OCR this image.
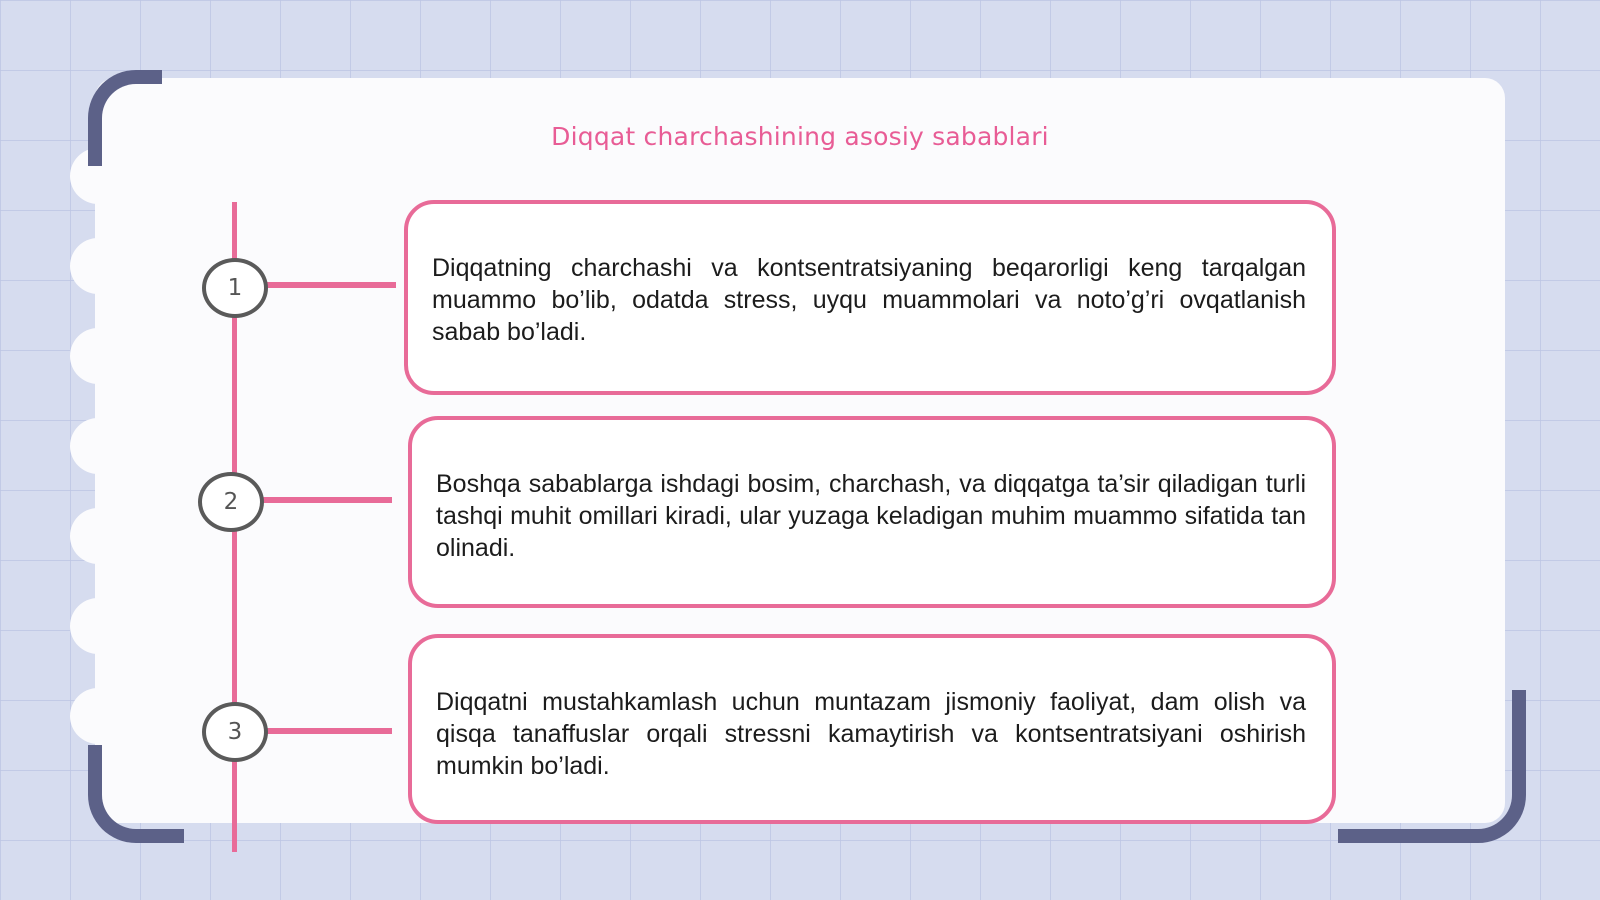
Diqqat charchashining asosiy sabablari
1

Diqqatning charchashi va kontsentratsiyaning beqarorligi keng tarqalgan muammo bo’lib, odatda stress, uyqu muammolari va noto’g’ri ovqatlanish sabab bo’ladi.

2

Boshqa sabablarga ishdagi bosim, charchash, va diqqatga ta’sir qiladigan turli tashqi muhit omillari kiradi, ular yuzaga keladigan muhim muammo sifatida tan olinadi.

3

Diqqatni mustahkamlash uchun muntazam jismoniy faoliyat, dam olish va qisqa tanaffuslar orqali stressni kamaytirish va kontsentratsiyani oshirish mumkin bo’ladi.
